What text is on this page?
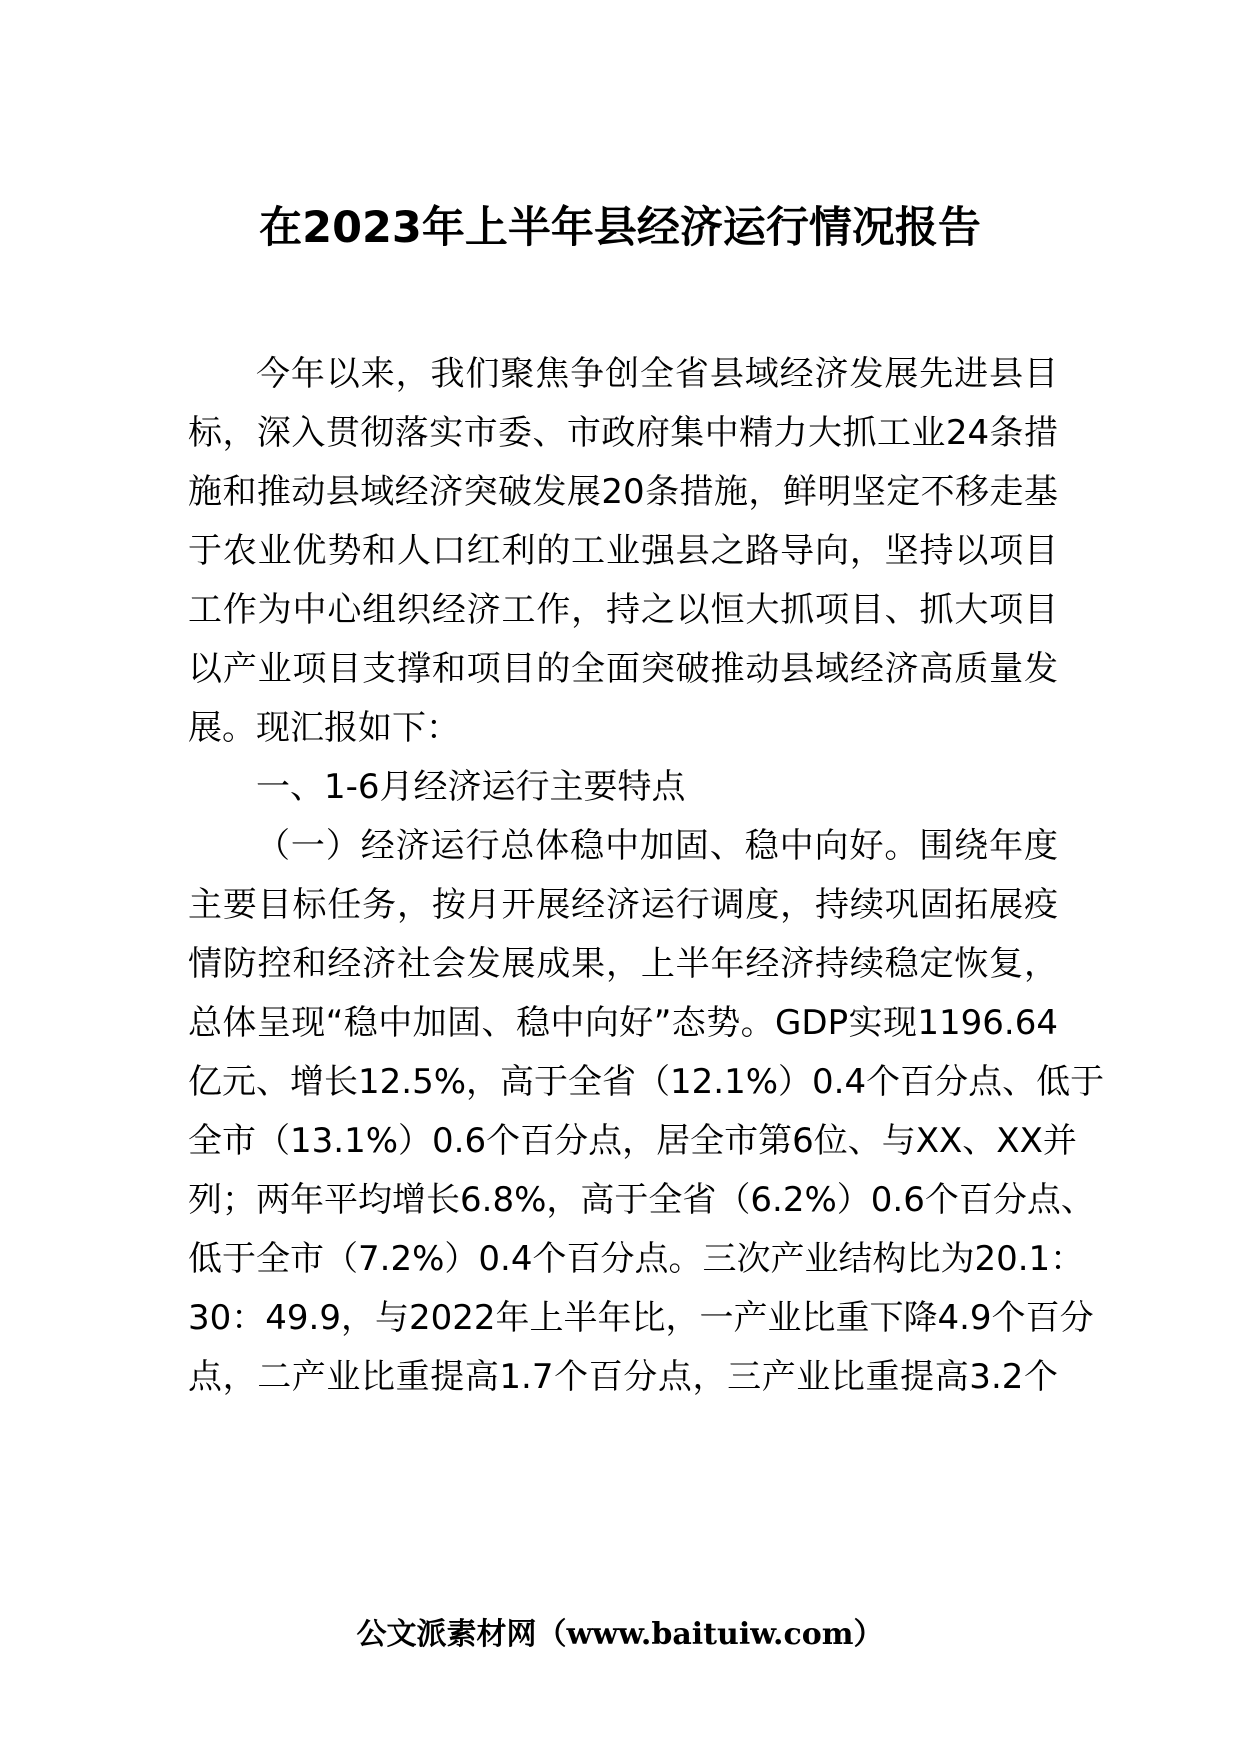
在2023年上半年县经济运行情况报告
今年以来，我们聚焦争创全省县域经济发展先进县目
标，深入贯彻落实市委、市政府集中精力大抓工业24条措
施和推动县域经济突破发展20条措施，鲜明坚定不移走基
于农业优势和人口红利的工业强县之路导向，坚持以项目
工作为中心组织经济工作，持之以恒大抓项目、抓大项目
以产业项目支撑和项目的全面突破推动县域经济高质量发
展。现汇报如下：
一、1-6月经济运行主要特点
（一）经济运行总体稳中加固、稳中向好。围绕年度
主要目标任务，按月开展经济运行调度，持续巩固拓展疫
情防控和经济社会发展成果，上半年经济持续稳定恢复，
总体呈现“稳中加固、稳中向好”态势。GDP实现1196.64
亿元、增长12.5%，高于全省（12.1%）0.4个百分点、低于
全市（13.1%）0.6个百分点，居全市第6位、与XX、XX并
列；两年平均增长6.8%，高于全省（6.2%）0.6个百分点、
低于全市（7.2%）0.4个百分点。三次产业结构比为20.1：
30：49.9，与2022年上半年比，一产业比重下降4.9个百分
点，二产业比重提高1.7个百分点，三产业比重提高3.2个
公文派素材网（www.baituiw.com）
